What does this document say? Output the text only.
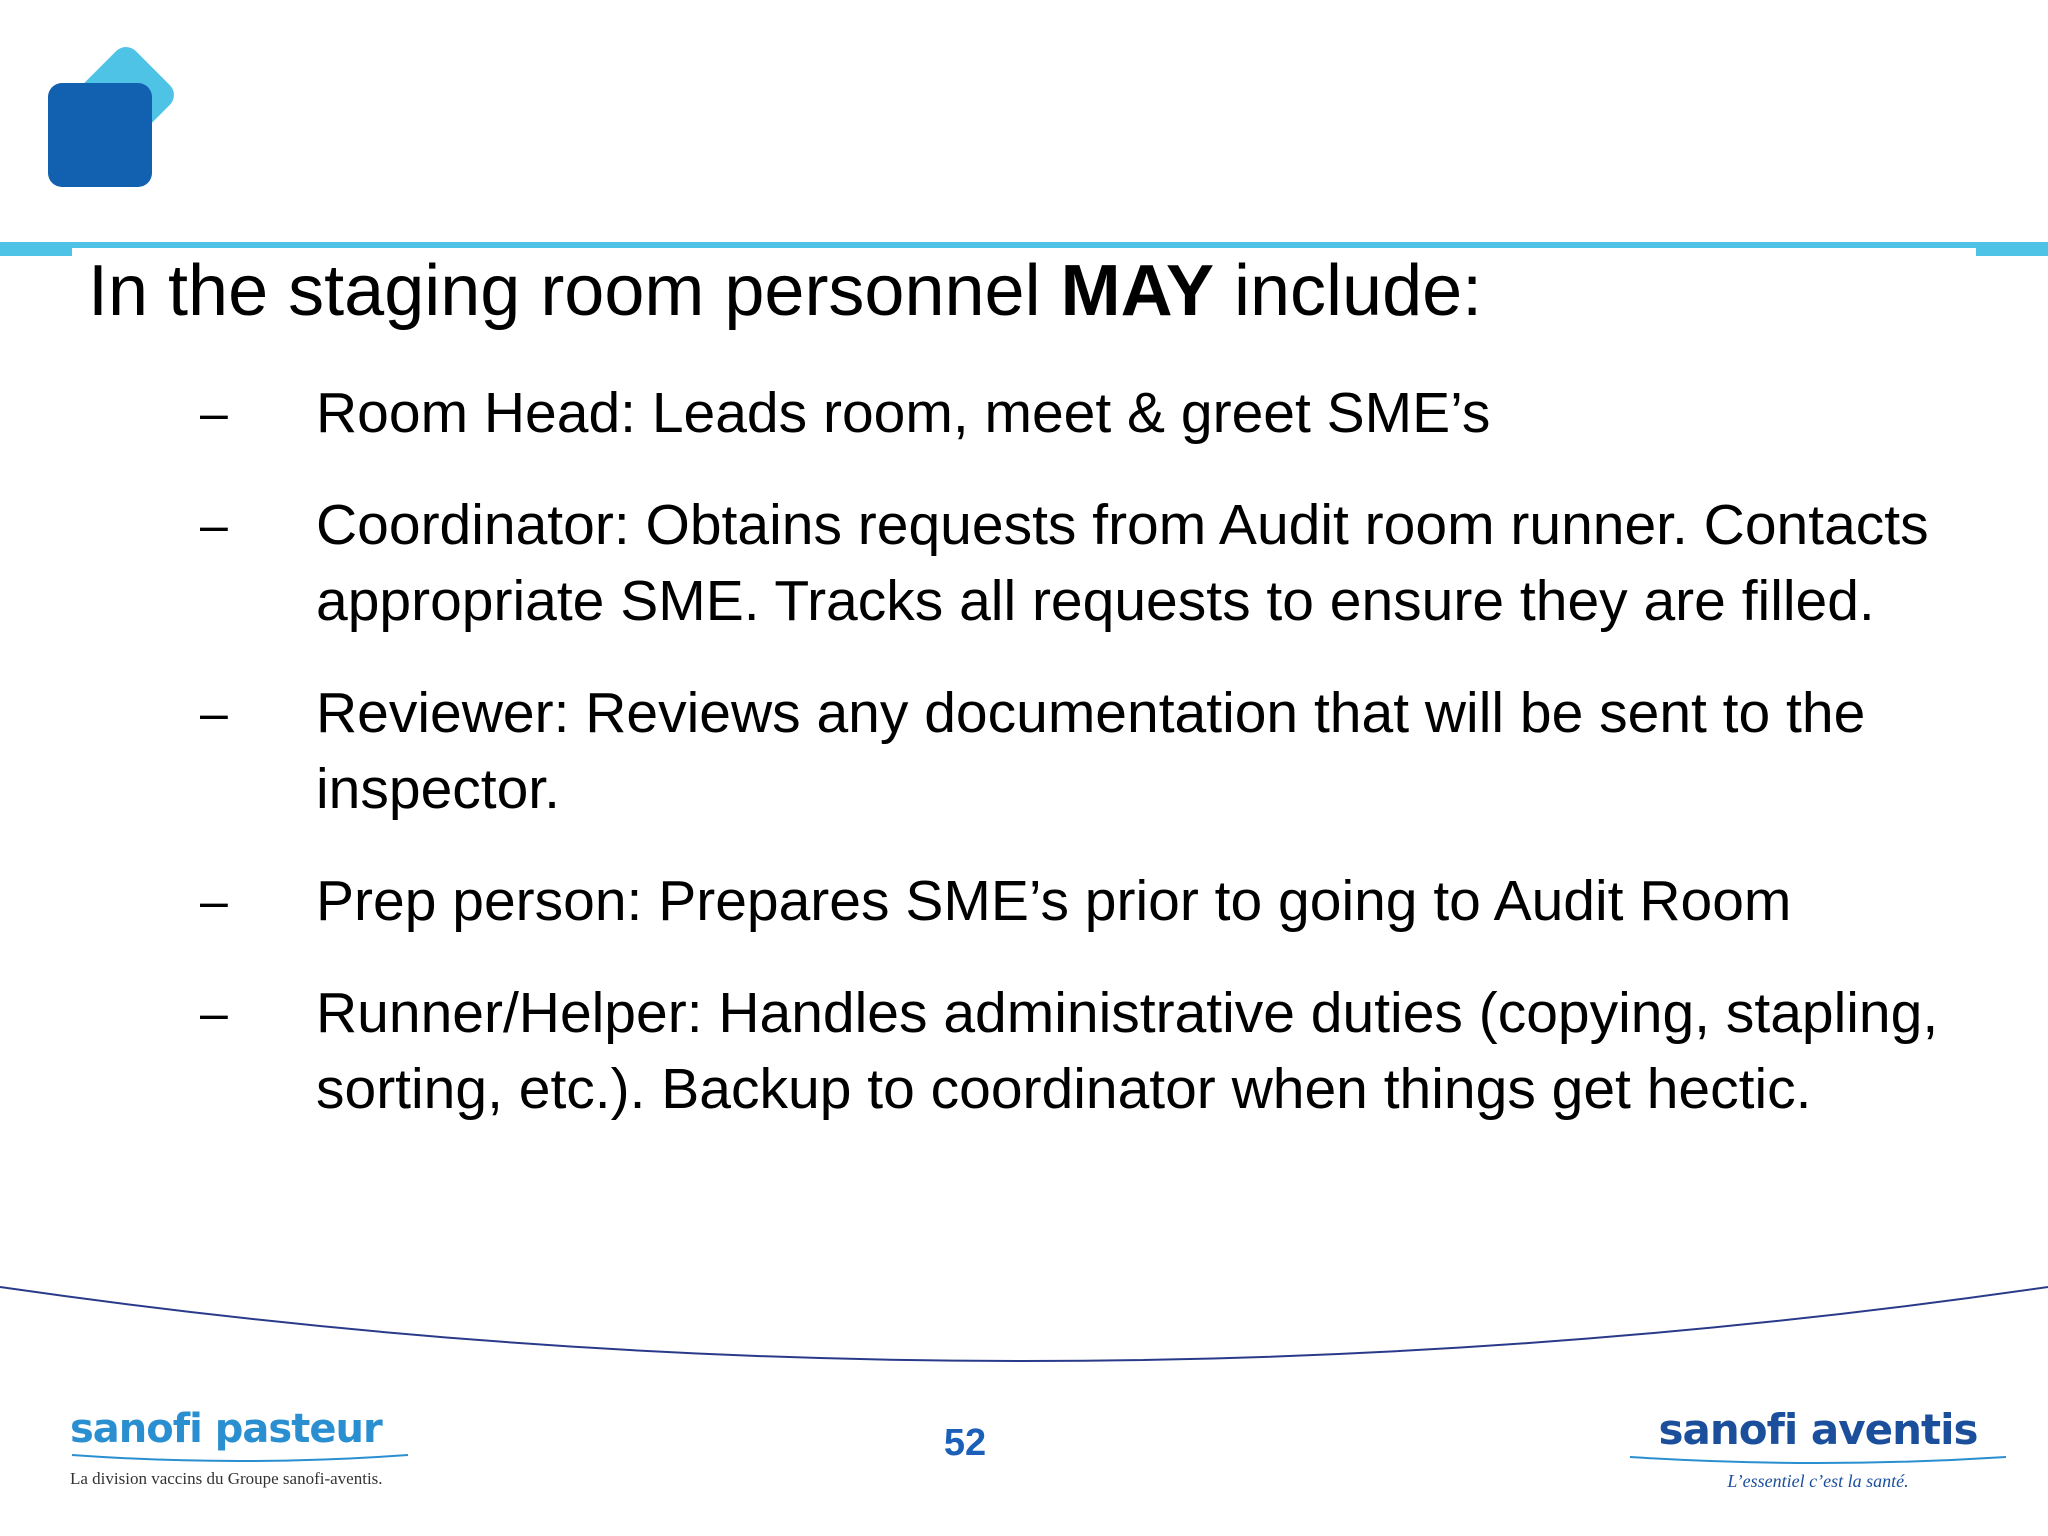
In the staging room personnel MAY include:
– Room Head: Leads room, meet & greet SME’s
– Coordinator: Obtains requests from Audit room runner. Contacts appropriate SME. Tracks all requests to ensure they are filled.
– Reviewer: Reviews any documentation that will be sent to the inspector.
– Prep person: Prepares SME’s prior to going to Audit Room
– Runner/Helper: Handles administrative duties (copying, stapling, sorting, etc.). Backup to coordinator when things get hectic.
sanofi pasteur
La division vaccins du Groupe sanofi-aventis.
52	sanofi aventis
L’essentiel c’est la santé.
